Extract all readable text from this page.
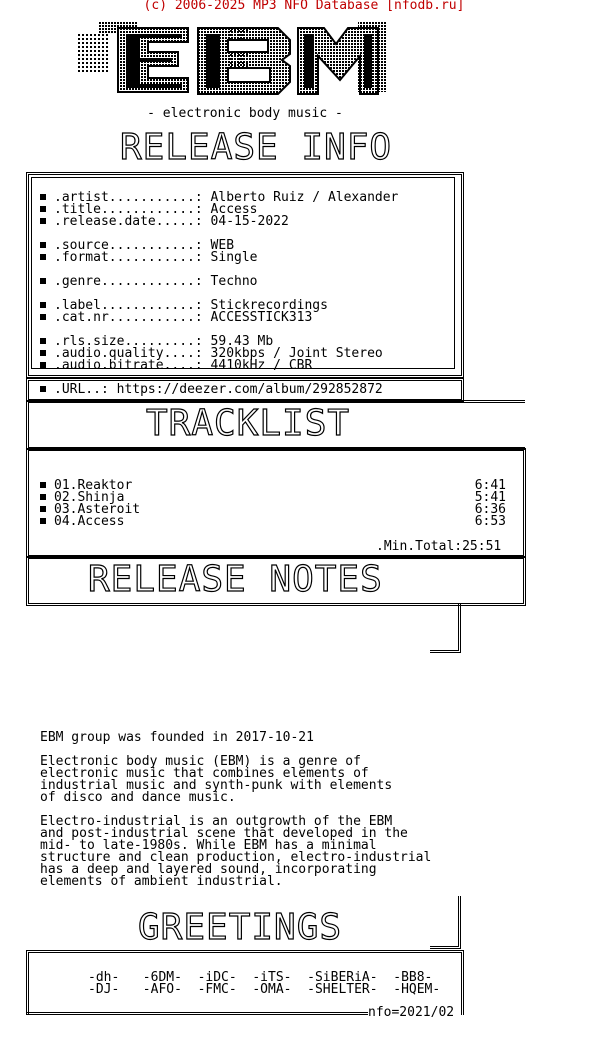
(c) 2006-2025 MP3 NFO Database [nfodb.ru]
- electronic body music -
RELEASE INFO
.artist...........: Alberto Ruiz / Alexander
.title............: Access
.release.date.....: 04-15-2022
.source...........: WEB
.format...........: Single
.genre............: Techno
.label............: Stickrecordings
.cat.nr...........: ACCESSTICK313
.rls.size.........: 59.43 Mb
.audio.quality....: 320kbps / Joint Stereo
.audio.bitrate....: 4410kHz / CBR
.URL..: https://deezer.com/album/292852872
TRACKLIST
01.Reaktor	6:41
02.Shinja	5:41
03.Asteroit	6:36
04.Access	6:53
.Min.Total:25:51
RELEASE NOTES
EBM group was founded in 2017-10-21
Electronic body music (EBM) is a genre of
electronic music that combines elements of
industrial music and synth-punk with elements
of disco and dance music.
Electro-industrial is an outgrowth of the EBM
and post-industrial scene that developed in the
mid- to late-1980s. While EBM has a minimal
structure and clean production, electro-industrial
has a deep and layered sound, incorporating
elements of ambient industrial.
GREETINGS
-dh-   -6DM-  -iDC-  -iTS-  -SiBERiA-  -BB8-
-DJ-   -AFO-  -FMC-  -OMA-  -SHELTER-  -HQEM-
nfo=2021/02
